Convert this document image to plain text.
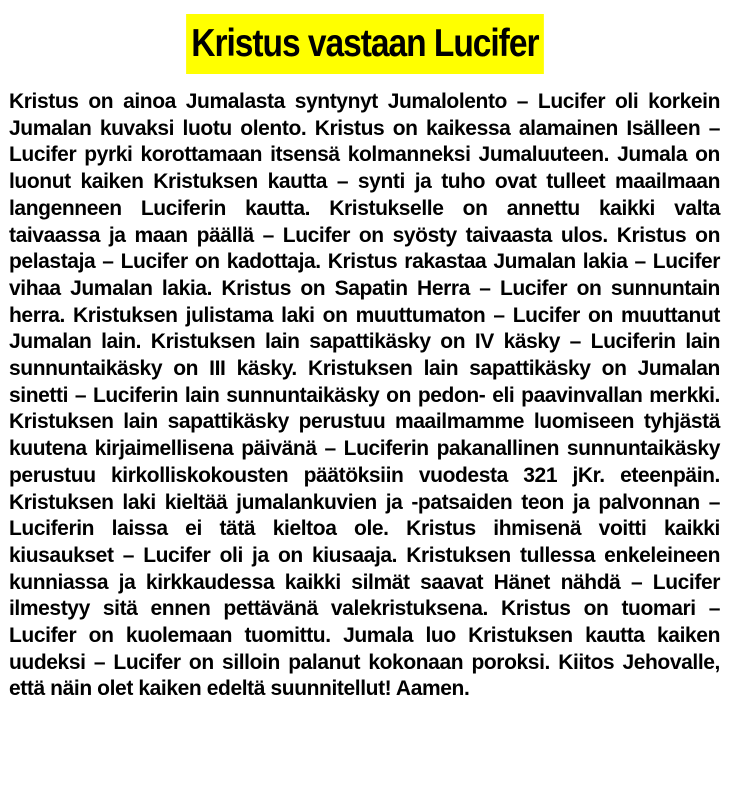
Kristus vastaan Lucifer

Kristus on ainoa Jumalasta syntynyt Jumalolento – Lucifer oli korkein Jumalan kuvaksi luotu olento. Kristus on kaikessa alamainen Isälleen – Lucifer pyrki korottamaan itsensä kolmanneksi Jumaluuteen. Jumala on luonut kaiken Kristuksen kautta – synti ja tuho ovat tulleet maailmaan langenneen Luciferin kautta. Kristukselle on annettu kaikki valta taivaassa ja maan päällä – Lucifer on syösty taivaasta ulos. Kristus on pelastaja – Lucifer on kadottaja. Kristus rakastaa Jumalan lakia – Lucifer vihaa Jumalan lakia. Kristus on Sapatin Herra – Lucifer on sunnuntain herra. Kristuksen julistama laki on muuttumaton – Lucifer on muuttanut Jumalan lain. Kristuksen lain sapattikäsky on IV käsky – Luciferin lain sunnuntaikäsky on III käsky. Kristuksen lain sapattikäsky on Jumalan sinetti – Luciferin lain sunnuntaikäsky on pedon- eli paavinvallan merkki. Kristuksen lain sapattikäsky perustuu maailmamme luomiseen tyhjästä kuutena kirjaimellisena päivänä – Luciferin pakanallinen sunnuntaikäsky perustuu kirkolliskokousten päätöksiin vuodesta 321 jKr. eteenpäin. Kristuksen laki kieltää jumalankuvien ja -patsaiden teon ja palvonnan – Luciferin laissa ei tätä kieltoa ole. Kristus ihmisenä voitti kaikki kiusaukset – Lucifer oli ja on kiusaaja. Kristuksen tullessa enkeleineen kunniassa ja kirkkaudessa kaikki silmät saavat Hänet nähdä – Lucifer ilmestyy sitä ennen pettävänä valekristuksena. Kristus on tuomari – Lucifer on kuolemaan tuomittu. Jumala luo Kristuksen kautta kaiken uudeksi – Lucifer on silloin palanut kokonaan poroksi. Kiitos Jehovalle, että näin olet kaiken edeltä suunnitellut! Aamen.
